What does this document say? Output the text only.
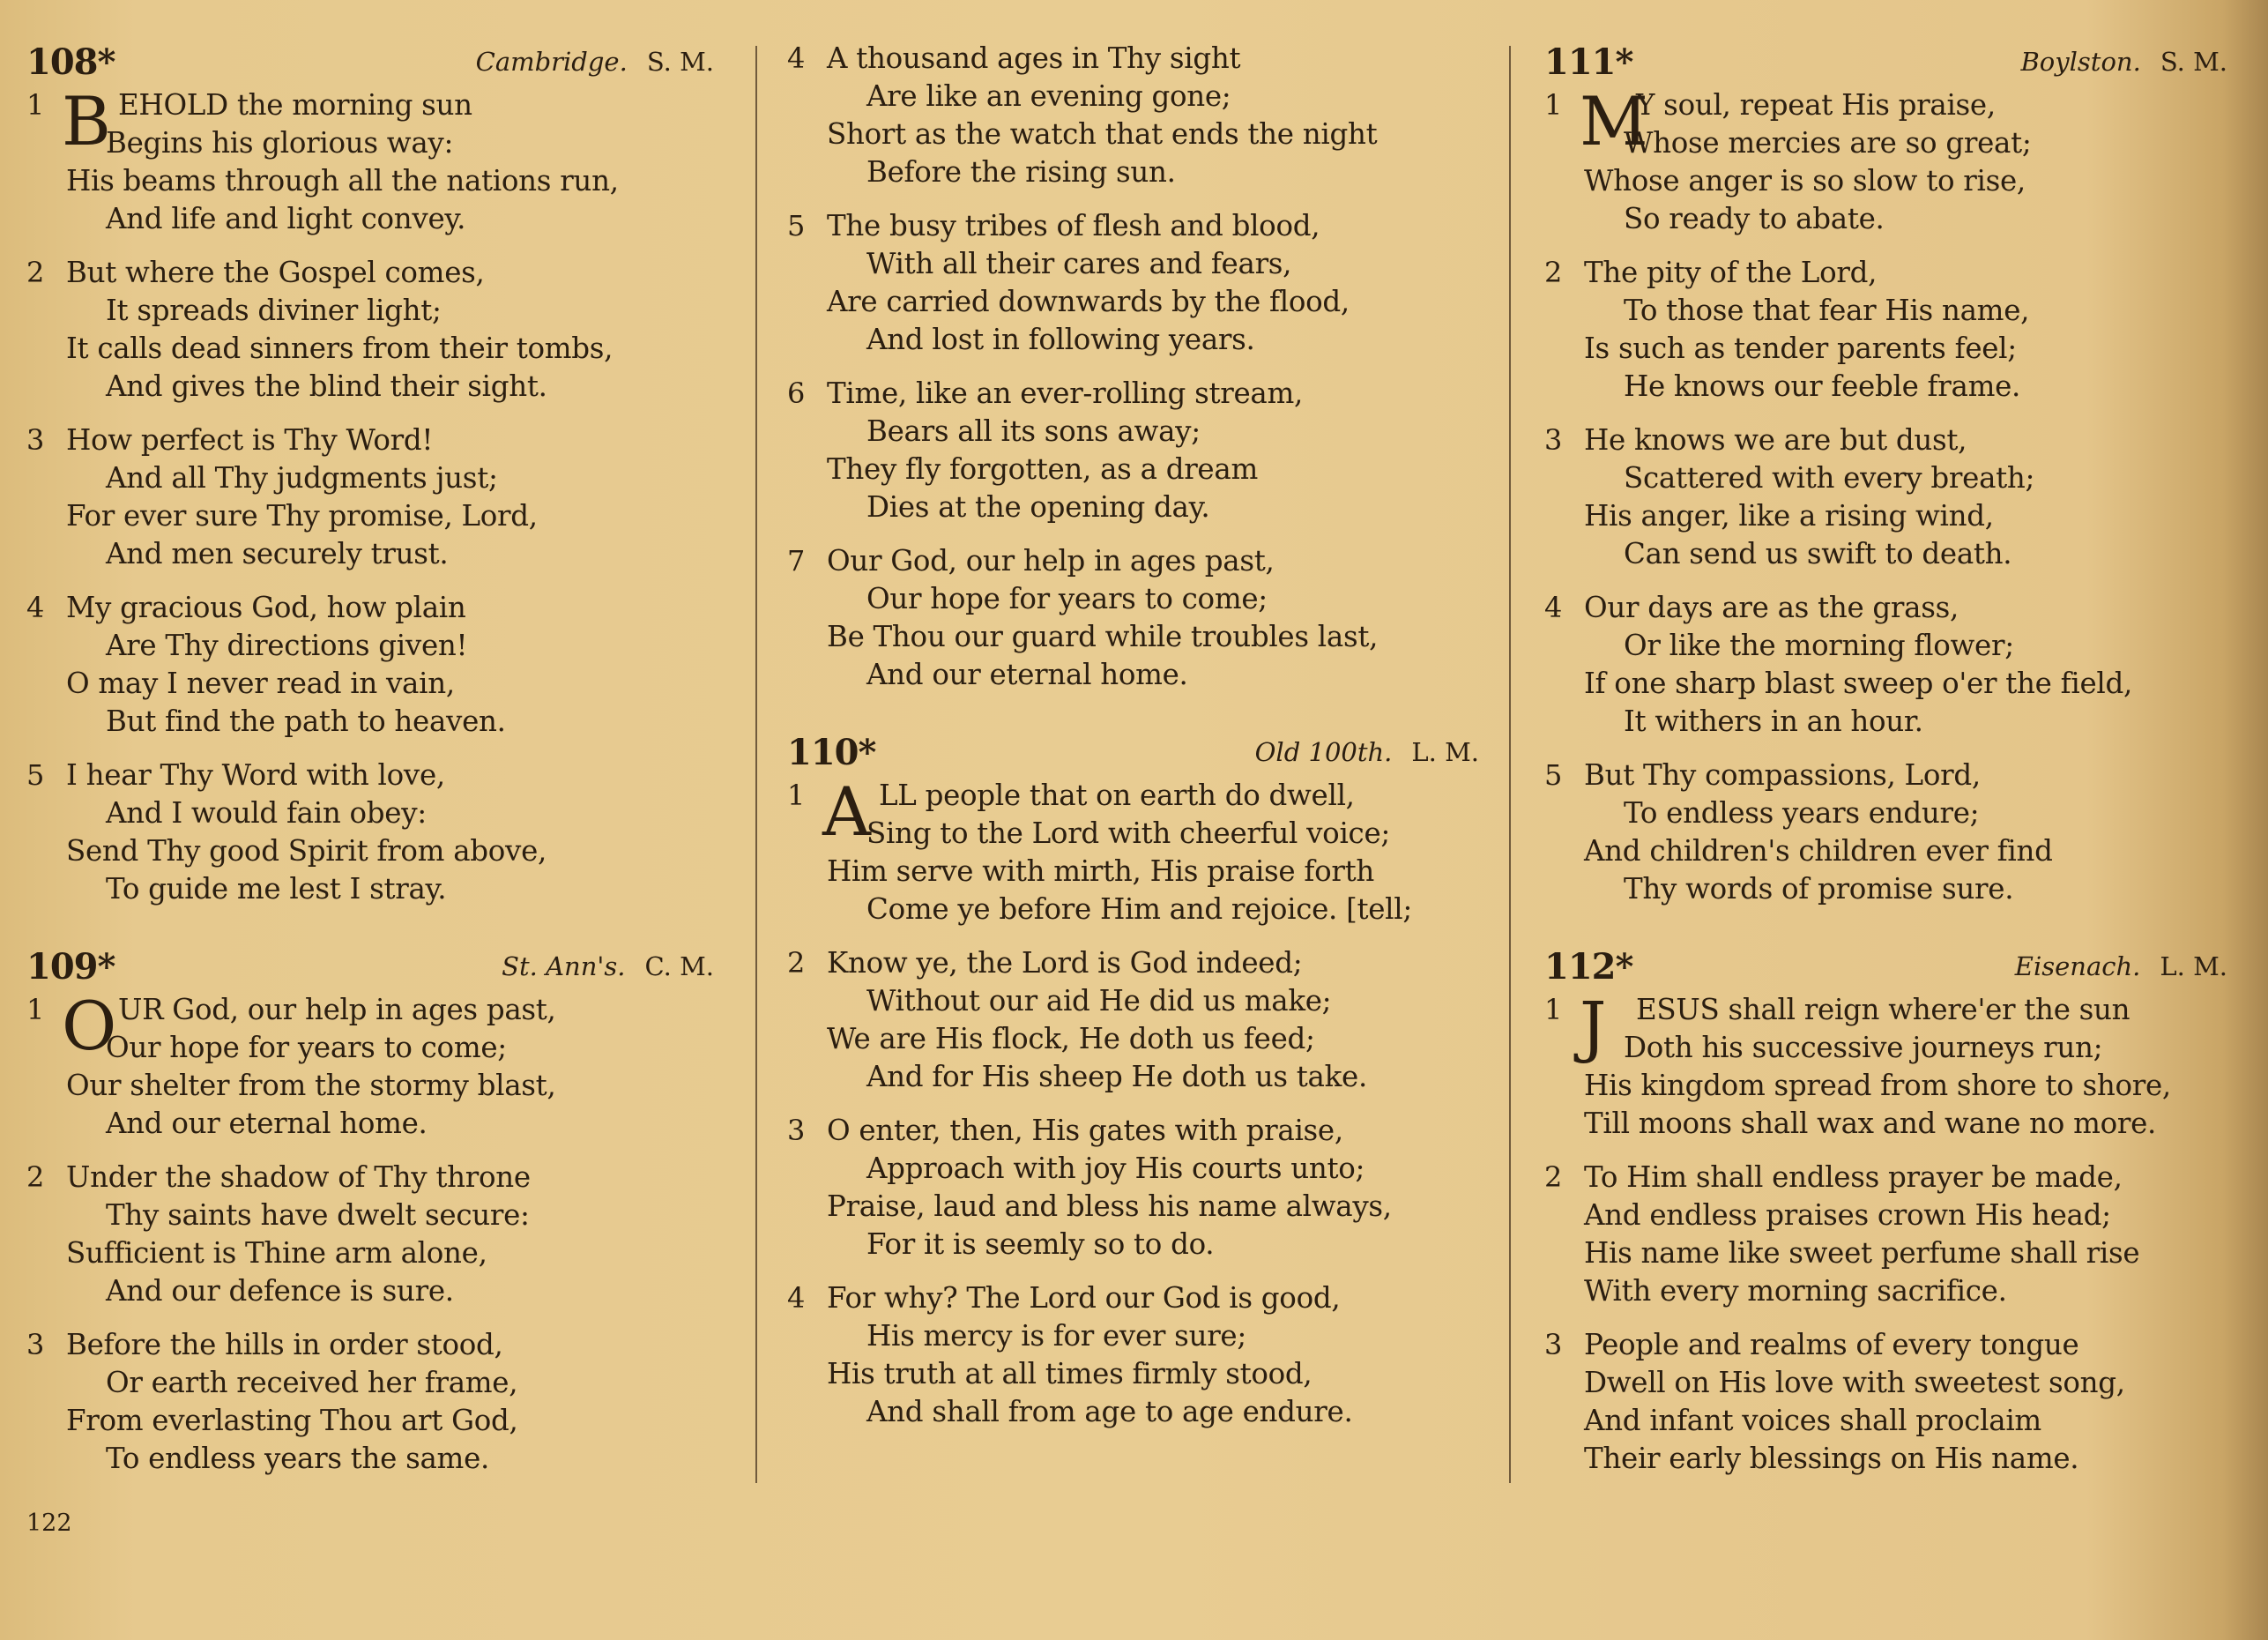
108*	Cambridge. S. M.
1 B EHOLD the morning sun
Begins his glorious way:
His beams through all the nations run,
And life and light convey.
2 But where the Gospel comes,
It spreads diviner light;
It calls dead sinners from their tombs,
And gives the blind their sight.
3 How perfect is Thy Word!
And all Thy judgments just;
For ever sure Thy promise, Lord,
And men securely trust.
4 My gracious God, how plain
Are Thy directions given!
O may I never read in vain,
But find the path to heaven.
5 I hear Thy Word with love,
And I would fain obey:
Send Thy good Spirit from above,
To guide me lest I stray.
109*	St. Ann's. C. M.
1 O UR God, our help in ages past,
Our hope for years to come;
Our shelter from the stormy blast,
And our eternal home.
2 Under the shadow of Thy throne
Thy saints have dwelt secure:
Sufficient is Thine arm alone,
And our defence is sure.
3 Before the hills in order stood,
Or earth received her frame,
From everlasting Thou art God,
To endless years the same.
4 A thousand ages in Thy sight
Are like an evening gone;
Short as the watch that ends the night
Before the rising sun.
5 The busy tribes of flesh and blood,
With all their cares and fears,
Are carried downwards by the flood,
And lost in following years.
6 Time, like an ever-rolling stream,
Bears all its sons away;
They fly forgotten, as a dream
Dies at the opening day.
7 Our God, our help in ages past,
Our hope for years to come;
Be Thou our guard while troubles last,
And our eternal home.
110*	Old 100th. L. M.
1 A LL people that on earth do dwell,
Sing to the Lord with cheerful voice;
Him serve with mirth, His praise forth
Come ye before Him and rejoice. [tell;
2 Know ye, the Lord is God indeed;
Without our aid He did us make;
We are His flock, He doth us feed;
And for His sheep He doth us take.
3 O enter, then, His gates with praise,
Approach with joy His courts unto;
Praise, laud and bless his name always,
For it is seemly so to do.
4 For why? The Lord our God is good,
His mercy is for ever sure;
His truth at all times firmly stood,
And shall from age to age endure.
111*	Boylston. S. M.
1 M
Y soul, repeat His praise,
Whose mercies are so great;
Whose anger is so slow to rise,
So ready to abate.
2 The pity of the Lord,
To those that fear His name,
Is such as tender parents feel;
He knows our feeble frame.
3 He knows we are but dust,
Scattered with every breath;
His anger, like a rising wind,
Can send us swift to death.
4 Our days are as the grass,
Or like the morning flower;
If one sharp blast sweep o'er the field,
It withers in an hour.
5 But Thy compassions, Lord,
To endless years endure;
And children's children ever find
Thy words of promise sure.
112*	Eisenach. L. M.
1 J ESUS shall reign where'er the sun
Doth his successive journeys run;
His kingdom spread from shore to shore,
Till moons shall wax and wane no more.
2 To Him shall endless prayer be made,
And endless praises crown His head;
His name like sweet perfume shall rise
With every morning sacrifice.
3 People and realms of every tongue
Dwell on His love with sweetest song,
And infant voices shall proclaim
Their early blessings on His name.
122
